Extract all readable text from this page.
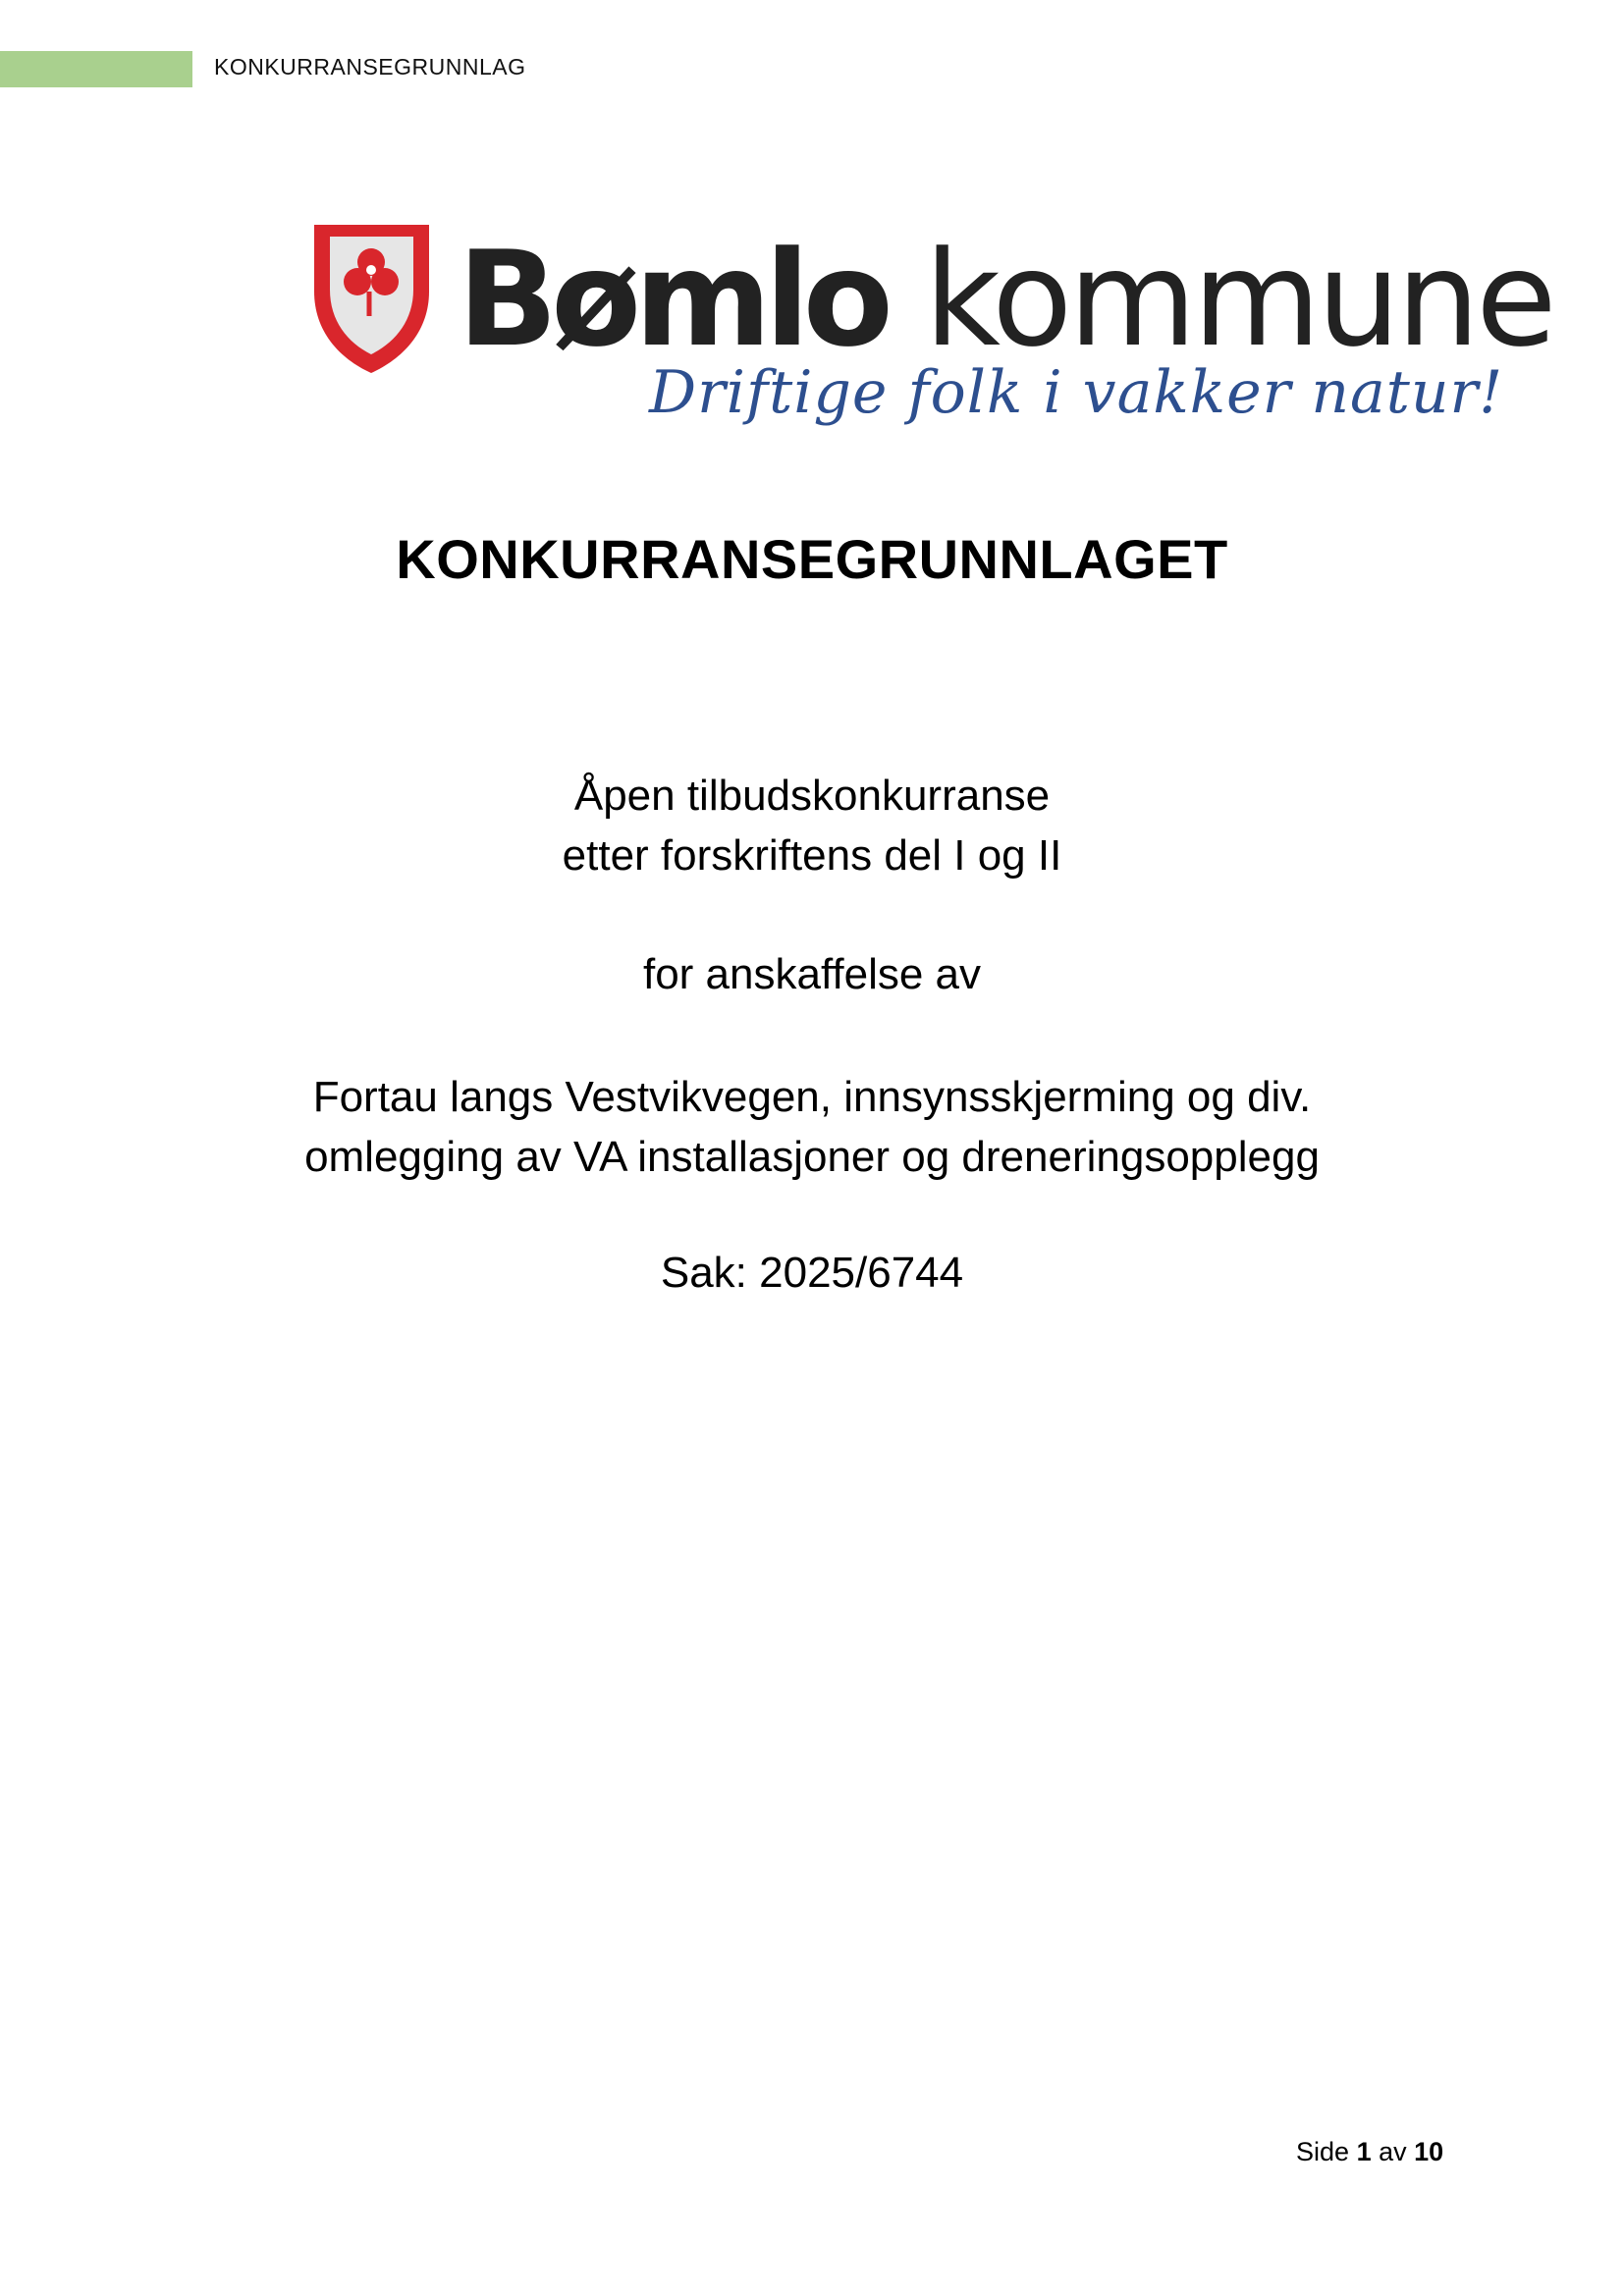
KONKURRANSEGRUNNLAG
Bømlo kommune
Driftige folk i vakker natur!
KONKURRANSEGRUNNLAGET
Åpen tilbudskonkurranse
etter forskriftens del I og II
for anskaffelse av
Fortau langs Vestvikvegen, innsynsskjerming og div.
omlegging av VA installasjoner og dreneringsopplegg
Sak: 2025/6744
Side 1 av 10
